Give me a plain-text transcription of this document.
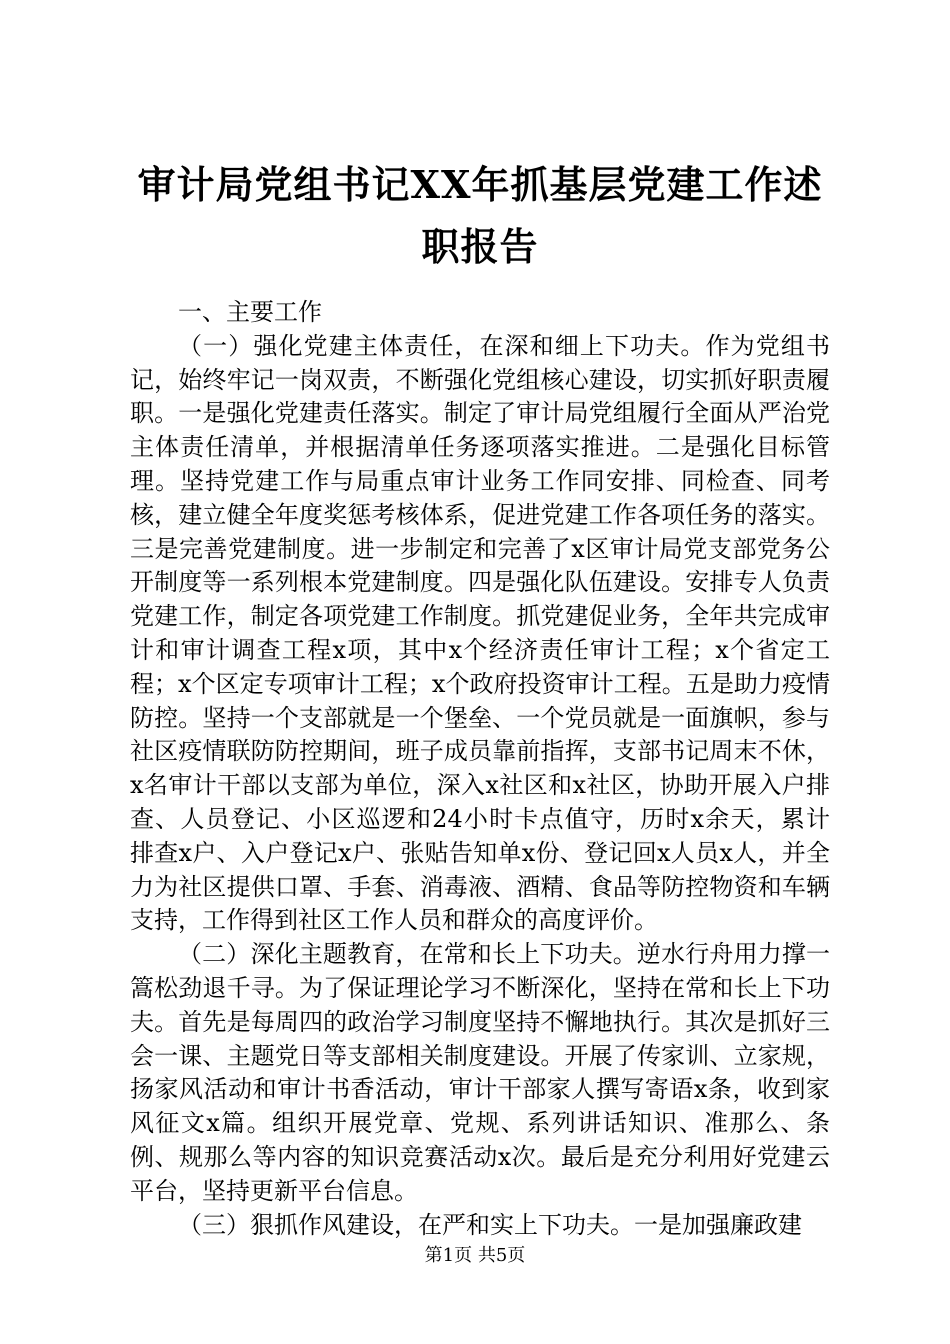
审计局党组书记XX年抓基层党建工作述职报告

一、主要工作

（一）强化党建主体责任，在深和细上下功夫。作为党组书记，始终牢记一岗双责，不断强化党组核心建设，切实抓好职责履职。一是强化党建责任落实。制定了审计局党组履行全面从严治党主体责任清单，并根据清单任务逐项落实推进。二是强化目标管理。坚持党建工作与局重点审计业务工作同安排、同检查、同考核，建立健全年度奖惩考核体系，促进党建工作各项任务的落实。三是完善党建制度。进一步制定和完善了x区审计局党支部党务公开制度等一系列根本党建制度。四是强化队伍建设。安排专人负责党建工作，制定各项党建工作制度。抓党建促业务，全年共完成审计和审计调查工程x项，其中x个经济责任审计工程；x个省定工程；x个区定专项审计工程；x个政府投资审计工程。五是助力疫情防控。坚持一个支部就是一个堡垒、一个党员就是一面旗帜，参与社区疫情联防防控期间，班子成员靠前指挥，支部书记周末不休，x名审计干部以支部为单位，深入x社区和x社区，协助开展入户排查、人员登记、小区巡逻和24小时卡点值守，历时x余天，累计　排查x户、入户登记x户、张贴告知单x份、登记回x人员x人，并全力为社区提供口罩、手套、消毒液、酒精、食品等防控物资和车辆支持，工作得到社区工作人员和群众的高度评价。

（二）深化主题教育，在常和长上下功夫。逆水行舟用力撑一篙松劲退千寻。为了保证理论学习不断深化，坚持在常和长上下功夫。首先是每周四的政治学习制度坚持不懈地执行。其次是抓好三会一课、主题党日等支部相关制度建设。开展了传家训、立家规，扬家风活动和审计书香活动，审计干部家人撰写寄语x条，收到家风征文x篇。组织开展党章、党规、系列讲话知识、准那么、条例、规那么等内容的知识竞赛活动x次。最后是充分利用好党建云平台，坚持更新平台信息。

（三）狠抓作风建设，在严和实上下功夫。一是加强廉政建

第1页 共5页
